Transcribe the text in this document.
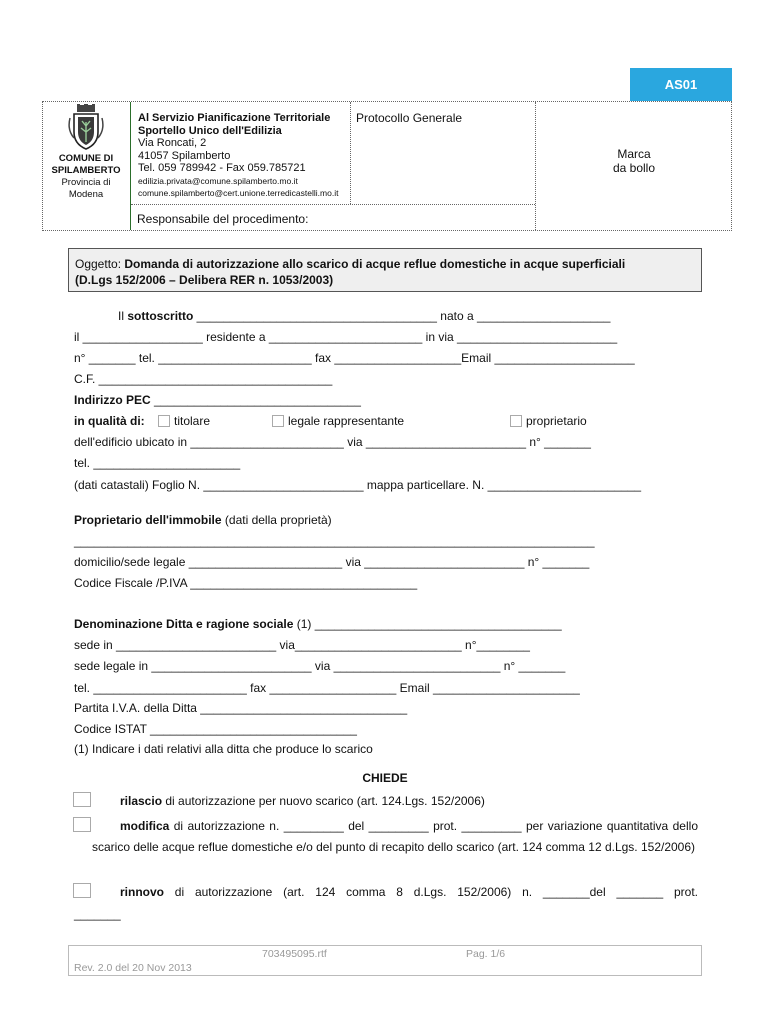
AS01
COMUNE DI
SPILAMBERTO
Provincia di
Modena
Al Servizio Pianificazione Territoriale
Sportello Unico dell'Edilizia
Via Roncati, 2
41057 Spilamberto
Tel. 059 789942 - Fax 059.785721
edilizia.privata@comune.spilamberto.mo.it
comune.spilamberto@cert.unione.terredicastelli.mo.it
Protocollo Generale
Marca
da bollo
Responsabile del procedimento:
Oggetto: Domanda di autorizzazione allo scarico di acque reflue domestiche in acque superficiali
(D.Lgs 152/2006 – Delibera RER n. 1053/2003)
Il sottoscritto ____________________________________ nato a ____________________
il __________________ residente a _______________________ in via ________________________
n° _______ tel. _______________________ fax ___________________Email _____________________
C.F. ___________________________________
Indirizzo PEC _______________________________
in qualità di:	titolare	legale rappresentante	proprietario
dell'edificio ubicato in _______________________ via ________________________ n° _______
tel. ______________________
(dati catastali) Foglio N. ________________________ mappa particellare. N. _______________________
Proprietario dell'immobile (dati della proprietà)
______________________________________________________________________________
domicilio/sede legale _______________________ via ________________________ n° _______
Codice Fiscale /P.IVA __________________________________
Denominazione Ditta e ragione sociale (1) _____________________________________
sede in ________________________ via_________________________ n°________
sede legale in ________________________ via _________________________ n° _______
tel. _______________________ fax ___________________ Email ______________________
Partita I.V.A. della Ditta _______________________________
Codice ISTAT _______________________________
(1) Indicare i dati relativi alla ditta che produce lo scarico
CHIEDE
rilascio di autorizzazione per nuovo scarico (art. 124.Lgs. 152/2006)
modifica di autorizzazione n. _________ del _________ prot. _________ per variazione quantitativa dello scarico delle acque reflue domestiche e/o del punto di recapito dello scarico (art. 124 comma 12 d.Lgs. 152/2006)
rinnovo di autorizzazione (art. 124 comma 8 d.Lgs. 152/2006) n. _______del _______ prot.
_______
703495095.rtf	Pag. 1/6
Rev. 2.0 del 20 Nov 2013
